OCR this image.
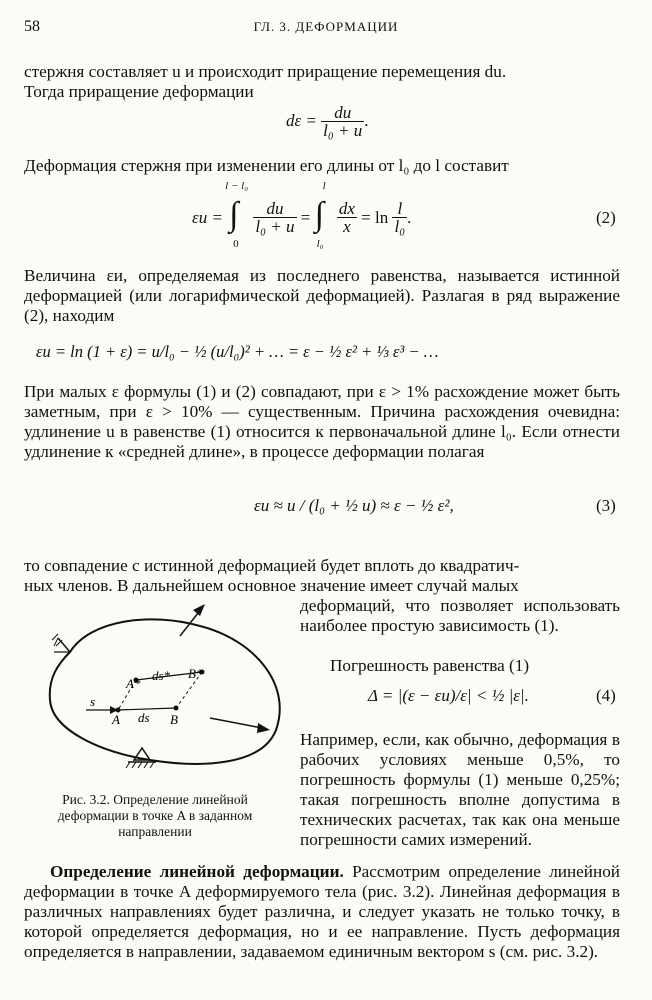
58	ГЛ. 3. ДЕФОРМАЦИИ

стержня составляет u и происходит приращение перемещения du.

Тогда приращение деформации

$d\varepsilon = \frac{du}{\text{l₀ + u}}$ .
Деформация стержня при изменении его длины от l₀ до l составит
εи =
l − l₀
∫
0

$\frac{du}{\text{l₀ + u}}$ =
l
∫
l₀

$\frac{dx}{x} = \ln \frac{l}{\text{l₀}}$ .	(2)
Величина εи, определяемая из последнего равенства, называется истинной деформацией (или логарифмической деформацией). Разлагая в ряд выражение (2), находим
εи = ln (1 + ε) = u/l₀ − ½ (u/l₀)² + … = ε − ½ ε² + ⅓ ε³ − …
При малых ε формулы (1) и (2) совпадают, при ε > 1% расхождение может быть заметным, при ε > 10% — существенным. Причина расхождения очевидна: удлинение u в равенстве (1) относится к первоначальной длине l₀. Если отнести удлинение к «средней длине», в процессе деформации полагая
εи ≈ u / (l₀ + ½ u) ≈ ε − ½ ε²,	(3)

то совпадение с истинной деформацией будет вплоть до квадратич-

ных членов. В дальнейшем основное значение имеет случай малых

деформаций, что позволяет использовать наиболее простую зависимость (1).
Погрешность равенства (1)
Δ = |(ε − εи)/ε| < ½ |ε|.	(4)
Например, если, как обычно, деформация в рабочих условиях меньше 0,5%, то погрешность формулы (1) меньше 0,25%; такая погрешность вполне допустима в технических расчетах, так как она меньше погрешности самих измерений.
A*
ds* B*
s
A ds B
Рис. 3.2. Определение линейной деформации в точке A в заданном направлении
Определение линейной деформации. Рассмотрим определение линейной деформации в точке A деформируемого тела (рис. 3.2). Линейная деформация в различных направлениях будет различна, и следует указать не только точку, в которой определяется деформация, но и ее направление. Пусть деформация определяется в направлении, задаваемом единичным вектором s (см. рис. 3.2).
